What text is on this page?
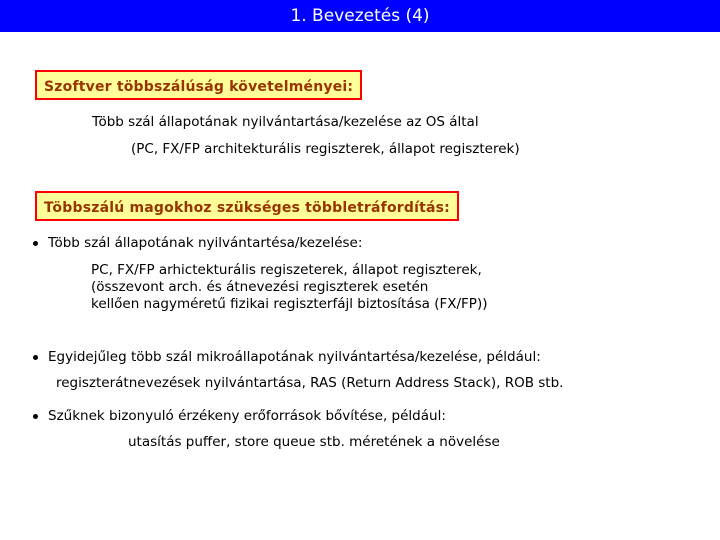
1. Bevezetés (4)
Szoftver többszálúság követelményei:
Több szál állapotának nyilvántartása/kezelése az OS által
(PC, FX/FP architekturális regiszterek, állapot regiszterek)
Többszálú magokhoz szükséges többletráfordítás:
Több szál állapotának nyilvántartésa/kezelése:
PC, FX/FP arhictekturális regiszeterek, állapot regiszterek,
(összevont arch. és átnevezési regiszterek esetén
kellően nagyméretű fizikai regiszterfájl biztosítása (FX/FP))
Egyidejűleg több szál mikroállapotának nyilvántartésa/kezelése, például:
regiszterátnevezések nyilvántartása, RAS (Return Address Stack), ROB stb.
Szűknek bizonyuló érzékeny erőforrások bővítése, például:
utasítás puffer, store queue stb. méretének a növelése
